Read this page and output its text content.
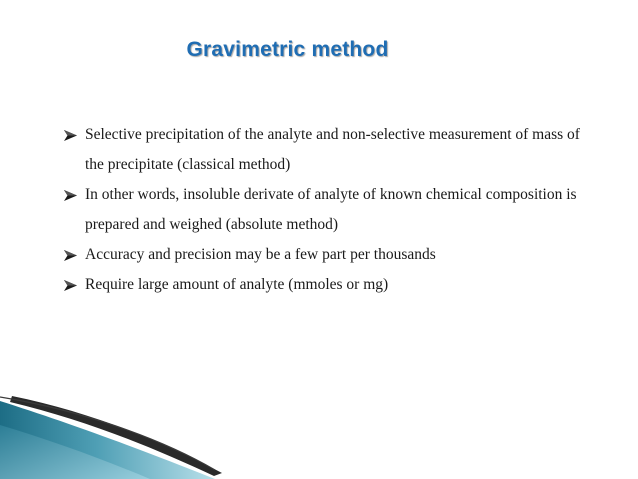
Gravimetric method
Selective precipitation of the analyte and non-selective measurement of mass of the precipitate (classical method)
In other words, insoluble derivate of analyte of known chemical composition is prepared and weighed (absolute method)
Accuracy and precision may be a few part per thousands
Require large amount of analyte (mmoles or mg)
